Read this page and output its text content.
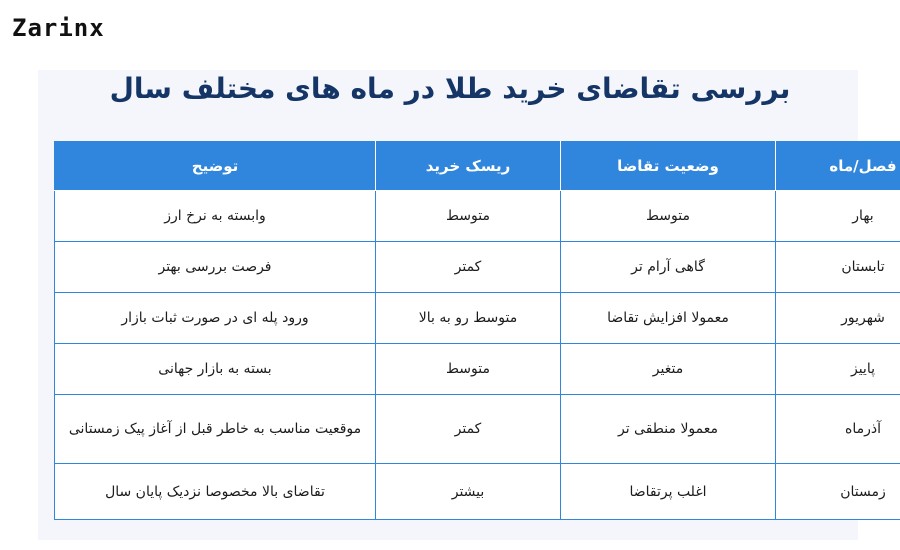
Zarinx
بررسی تقاضای خرید طلا در ماه های مختلف سال
فصل/ماه	وضعیت تقاضا	ریسک خرید	توضیح
بهار	متوسط	متوسط	وابسته به نرخ ارز
تابستان	گاهی آرام تر	کمتر	فرصت بررسی بهتر
شهریور	معمولا افزایش تقاضا	متوسط رو به بالا	ورود پله ای در صورت ثبات بازار
پاییز	متغیر	متوسط	بسته به بازار جهانی
آذرماه	معمولا منطقی تر	کمتر	موقعیت مناسب به خاطر قبل از آغاز پیک زمستانی
زمستان	اغلب پرتقاضا	بیشتر	تقاضای بالا مخصوصا نزدیک پایان سال
